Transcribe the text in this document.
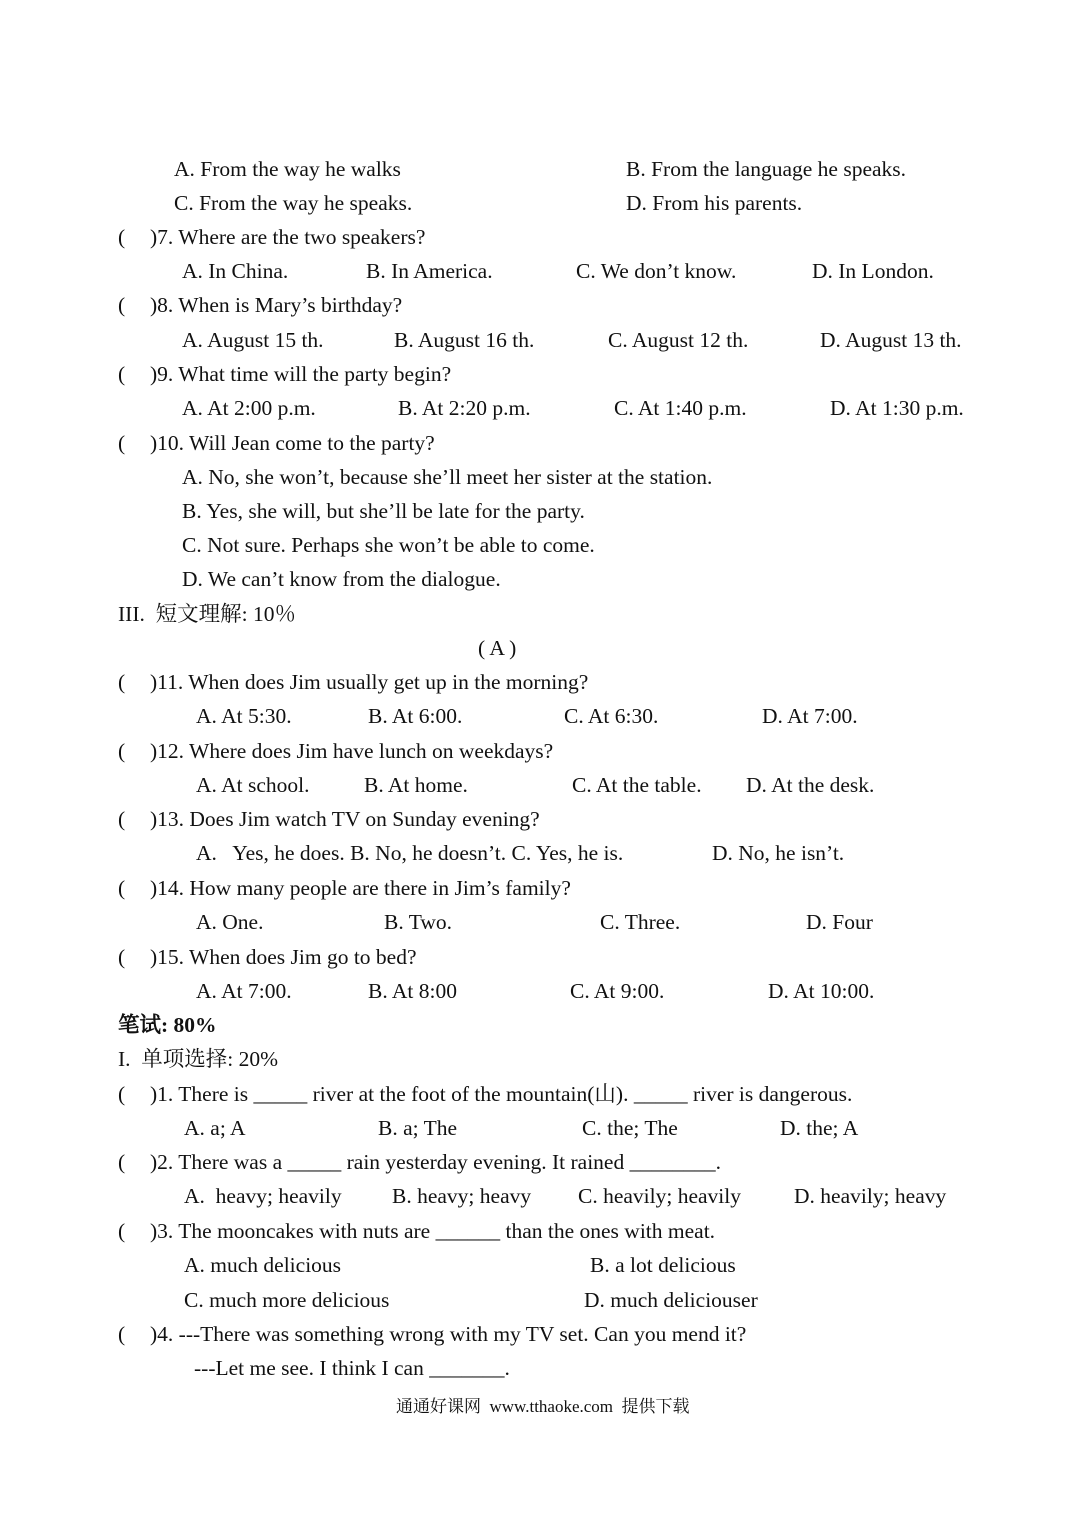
A. From the way he walks	B. From the language he speaks.
C. From the way he speaks.	D. From his parents.
( )7. Where are the two speakers?
A. In China.	B. In America.	C. We don’t know.	D. In London.
( )8. When is Mary’s birthday?
A. August 15 th.	B. August 16 th.	C. August 12 th.	D. August 13 th.
( )9. What time will the party begin?
A. At 2:00 p.m.	B. At 2:20 p.m.	C. At 1:40 p.m.	D. At 1:30 p.m.
( )10. Will Jean come to the party?
A. No, she won’t, because she’ll meet her sister at the station.
B. Yes, she will, but she’ll be late for the party.
C. Not sure. Perhaps she won’t be able to come.
D. We can’t know from the dialogue.
III.  短文理解: 10％
( A )
( )11. When does Jim usually get up in the morning?
A. At 5:30.	B. At 6:00.	C. At 6:30.	D. At 7:00.
( )12. Where does Jim have lunch on weekdays?
A. At school.	B. At home.	C. At the table. D. At the desk.
( )13. Does Jim watch TV on Sunday evening?
A.   Yes, he does. B. No, he doesn’t. C. Yes, he is.	D. No, he isn’t.
( )14. How many people are there in Jim’s family?
A. One.	B. Two.	C. Three.	D. Four
( )15. When does Jim go to bed?
A. At 7:00.	B. At 8:00	C. At 9:00.	D. At 10:00.
笔试: 80%
I.  单项选择: 20%
( )1. There is _____ river at the foot of the mountain(山). _____ river is dangerous.
A. a; A	B. a; The	C. the; The	D. the; A
( )2. There was a _____ rain yesterday evening. It rained ________.
A.  heavy; heavily B. heavy; heavy C. heavily; heavily D. heavily; heavy
( )3. The mooncakes with nuts are ______ than the ones with meat.
A. much delicious	B. a lot delicious
C. much more delicious	D. much deliciouser
( )4. ---There was something wrong with my TV set. Can you mend it?
---Let me see. I think I can _______.
通通好课网  www.tthaoke.com  提供下载
